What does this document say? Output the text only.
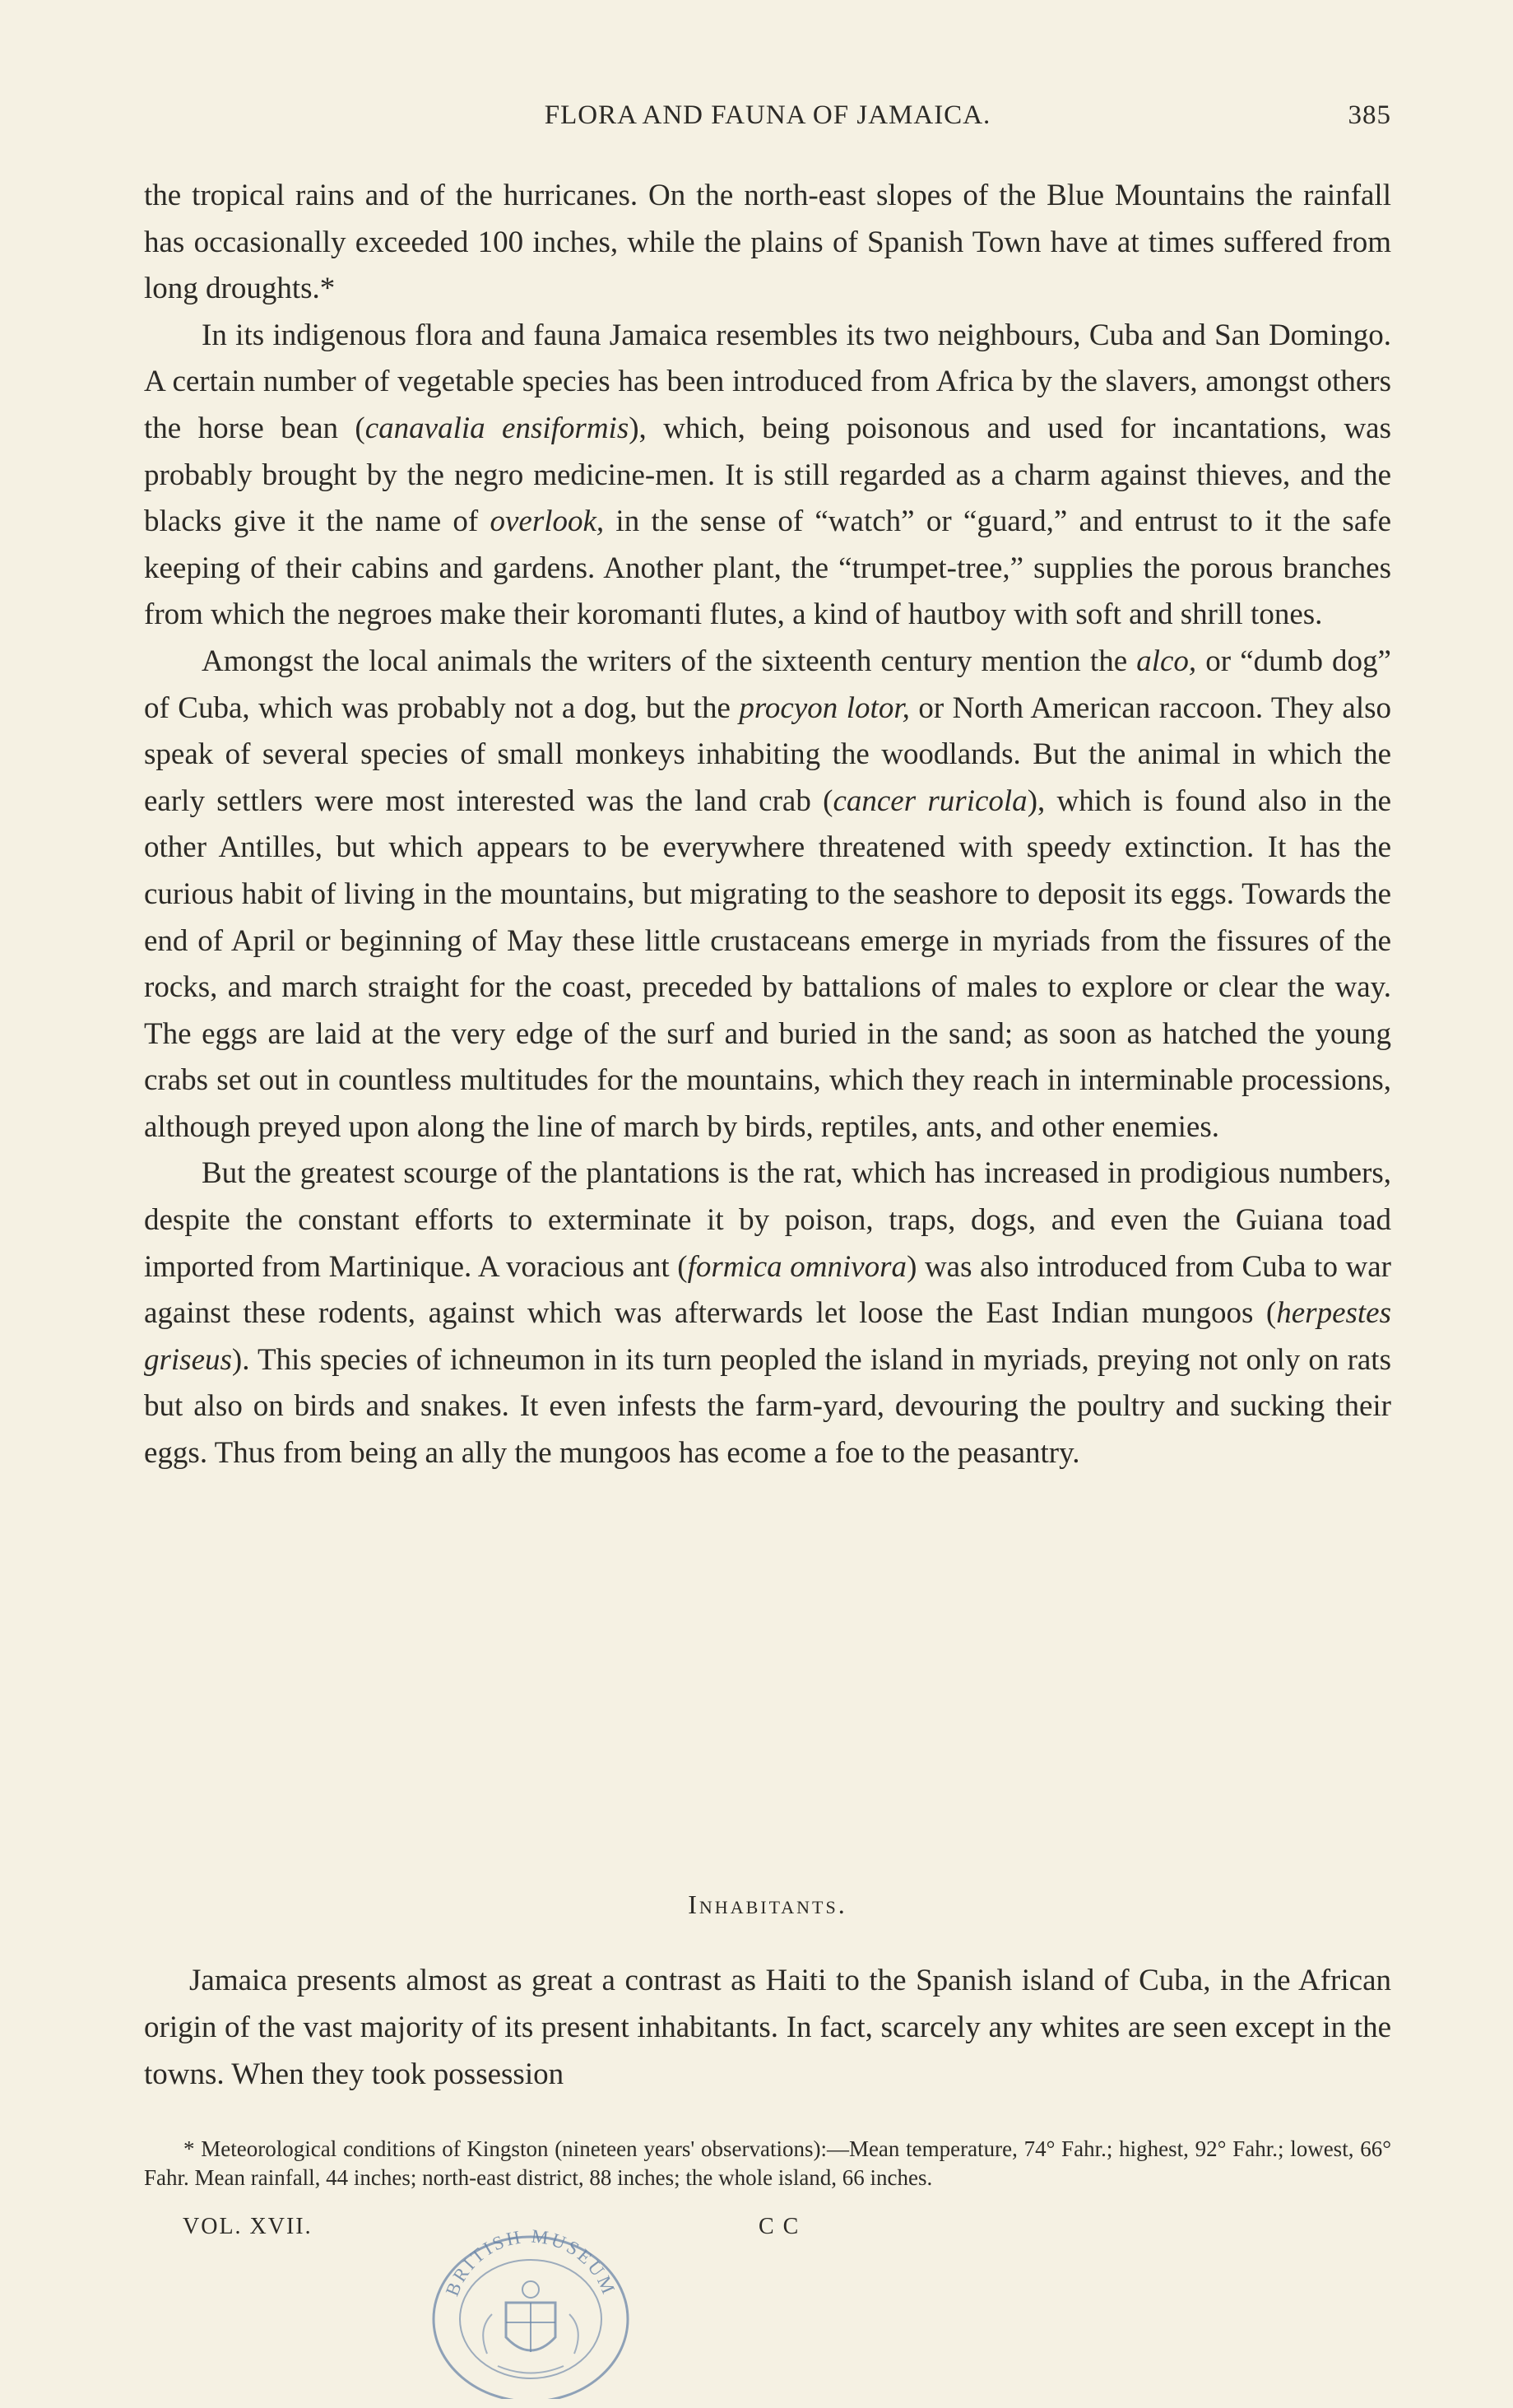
FLORA AND FAUNA OF JAMAICA.	385

the tropical rains and of the hurricanes. On the north-east slopes of the Blue Mountains the rainfall has occasionally exceeded 100 inches, while the plains of Spanish Town have at times suffered from long droughts.*

In its indigenous flora and fauna Jamaica resembles its two neighbours, Cuba and San Domingo. A certain number of vegetable species has been introduced from Africa by the slavers, amongst others the horse bean (canavalia ensiformis), which, being poisonous and used for incantations, was probably brought by the negro medicine-men. It is still regarded as a charm against thieves, and the blacks give it the name of overlook, in the sense of “watch” or “guard,” and entrust to it the safe keeping of their cabins and gardens. Another plant, the “trumpet-tree,” supplies the porous branches from which the negroes make their koromanti flutes, a kind of hautboy with soft and shrill tones.

Amongst the local animals the writers of the sixteenth century mention the alco, or “dumb dog” of Cuba, which was probably not a dog, but the procyon lotor, or North American raccoon. They also speak of several species of small monkeys inhabiting the woodlands. But the animal in which the early settlers were most interested was the land crab (cancer ruricola), which is found also in the other Antilles, but which appears to be everywhere threatened with speedy extinction. It has the curious habit of living in the mountains, but migrating to the seashore to deposit its eggs. Towards the end of April or beginning of May these little crustaceans emerge in myriads from the fissures of the rocks, and march straight for the coast, preceded by battalions of males to explore or clear the way. The eggs are laid at the very edge of the surf and buried in the sand; as soon as hatched the young crabs set out in countless multitudes for the mountains, which they reach in interminable processions, although preyed upon along the line of march by birds, reptiles, ants, and other enemies.

But the greatest scourge of the plantations is the rat, which has increased in prodigious numbers, despite the constant efforts to exterminate it by poison, traps, dogs, and even the Guiana toad imported from Martinique. A voracious ant (formica omnivora) was also introduced from Cuba to war against these rodents, against which was afterwards let loose the East Indian mungoos (herpestes griseus). This species of ichneumon in its turn peopled the island in myriads, preying not only on rats but also on birds and snakes. It even infests the farm-yard, devouring the poultry and sucking their eggs. Thus from being an ally the mungoos has ecome a foe to the peasantry.

Inhabitants.

Jamaica presents almost as great a contrast as Haiti to the Spanish island of Cuba, in the African origin of the vast majority of its present inhabitants. In fact, scarcely any whites are seen except in the towns. When they took possession

* Meteorological conditions of Kingston (nineteen years' observations):—Mean temperature, 74° Fahr.; highest, 92° Fahr.; lowest, 66° Fahr. Mean rainfall, 44 inches; north-east district, 88 inches; the whole island, 66 inches.

VOL. XVII.	C C
BRITISH MUSEUM
